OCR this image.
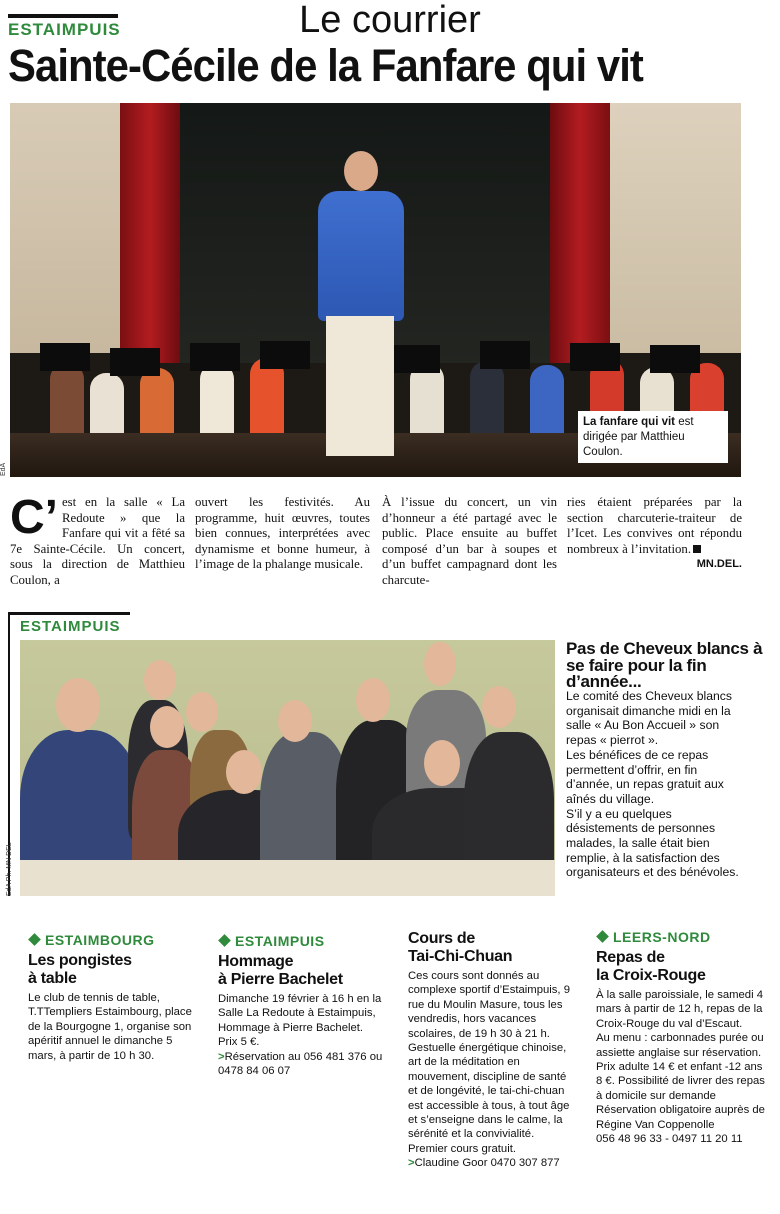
Le courrier
ESTAIMPUIS
Sainte-Cécile de la Fanfare qui vit
La fanfare qui vit est dirigée par Matthieu Coulon.
EdA
C’ est en la salle « La Redoute » que la Fanfare qui vit a fêté sa 7e Sainte-Cécile. Un concert, sous la direction de Matthieu Coulon, a
ouvert les festivités. Au programme, huit œuvres, toutes bien connues, interprétées avec dynamisme et bonne humeur, à l’image de la phalange musicale.
À l’issue du concert, un vin d’honneur a été partagé avec le public. Place ensuite au buffet composé d’un bar à soupes et d’un buffet campagnard dont les charcute-
ries étaient préparées par la section charcuterie-traiteur de l’Icet. Les convives ont répondu nombreux à l’invitation.
MN.DEL.
ESTAIMPUIS
EdA Ph. MN DEL
Pas de Cheveux blancs à se faire pour la fin d’année...

Le comité des Cheveux blancs organisait dimanche midi en la salle « Au Bon Accueil » son repas « pierrot ».

Les bénéfices de ce repas permettent d’offrir, en fin d’année, un repas gratuit aux aînés du village.

S’il y a eu quelques désistements de personnes malades, la salle était bien remplie, à la satisfaction des organisateurs et des bénévoles.

ESTAIMBOURG
Les pongistes
à table

Le club de tennis de table, T.TTempliers Estaimbourg, place de la Bourgogne 1, organise son apéritif annuel le dimanche 5 mars, à partir de 10 h 30.

ESTAIMPUIS
Hommage
à Pierre Bachelet

Dimanche 19 février à 16 h en la Salle La Redoute à Estaimpuis, Hommage à Pierre Bachelet.

Prix 5 €.

>Réservation au 056 481 376 ou 0478 84 06 07

Cours de
Tai-Chi-Chuan

Ces cours sont donnés au complexe sportif d’Estaimpuis, 9 rue du Moulin Masure, tous les vendredis, hors vacances scolaires, de 19 h 30 à 21 h. Gestuelle énergétique chinoise, art de la méditation en mouvement, discipline de santé et de longévité, le tai-chi-chuan est accessible à tous, à tout âge et s’enseigne dans le calme, la sérénité et la convivialité.

Premier cours gratuit.

>Claudine Goor 0470 307 877

LEERS-NORD
Repas de
la Croix-Rouge

À la salle paroissiale, le samedi 4 mars à partir de 12 h, repas de la Croix-Rouge du val d’Escaut.

Au menu : carbonnades purée ou assiette anglaise sur réservation.

Prix adulte 14 € et enfant -12 ans 8 €. Possibilité de livrer des repas à domicile sur demande

Réservation obligatoire auprès de

Régine Van Coppenolle

056 48 96 33 - 0497 11 20 11
